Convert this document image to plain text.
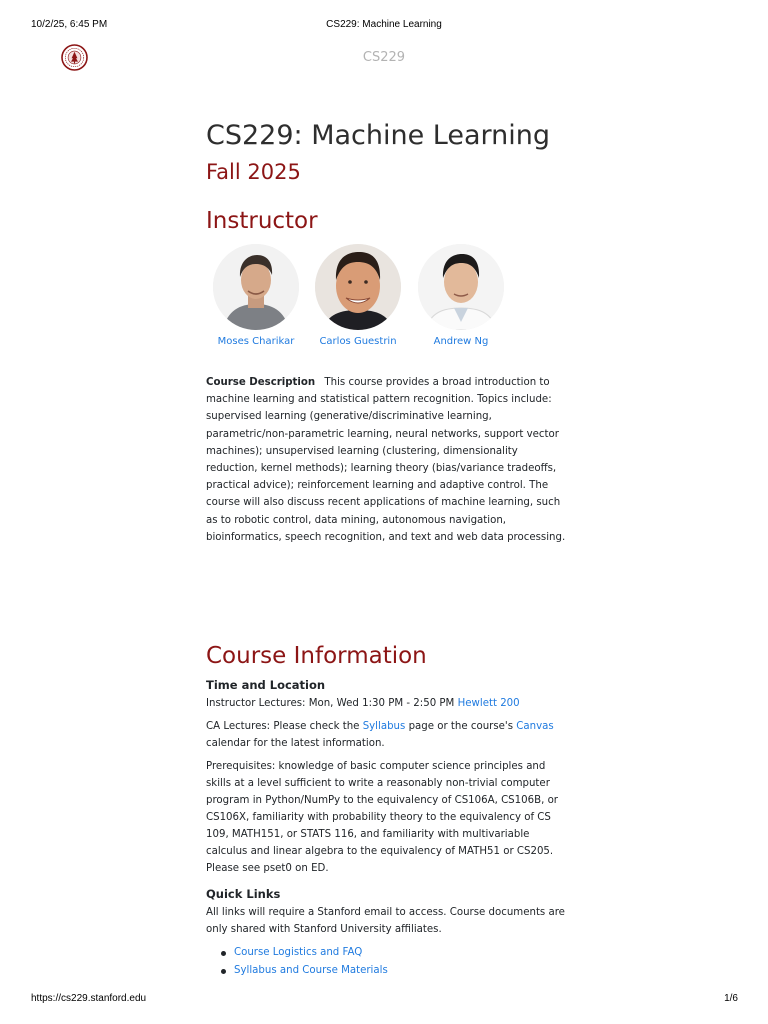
10/2/25, 6:45 PM	CS229: Machine Learning
CS229
CS229: Machine Learning
Fall 2025
Instructor
Moses Charikar	Carlos Guestrin	Andrew Ng

Course Description This course provides a broad introduction to machine learning and statistical pattern recognition. Topics include: supervised learning (generative/discriminative learning, parametric/non-parametric learning, neural networks, support vector machines); unsupervised learning (clustering, dimensionality reduction, kernel methods); learning theory (bias/variance tradeoffs, practical advice); reinforcement learning and adaptive control. The course will also discuss recent applications of machine learning, such as to robotic control, data mining, autonomous navigation, bioinformatics, speech recognition, and text and web data processing.

Course Information
Time and Location
Instructor Lectures: Mon, Wed 1:30 PM - 2:50 PM Hewlett 200
CA Lectures: Please check the Syllabus page or the course's Canvas calendar for the latest information.
Prerequisites: knowledge of basic computer science principles and skills at a level sufficient to write a reasonably non-trivial computer program in Python/NumPy to the equivalency of CS106A, CS106B, or CS106X, familiarity with probability theory to the equivalency of CS 109, MATH151, or STATS 116, and familiarity with multivariable calculus and linear algebra to the equivalency of MATH51 or CS205. Please see pset0 on ED.
Quick Links
All links will require a Stanford email to access. Course documents are only shared with Stanford University affiliates.
Course Logistics and FAQ
Syllabus and Course Materials
https://cs229.stanford.edu	1/6
